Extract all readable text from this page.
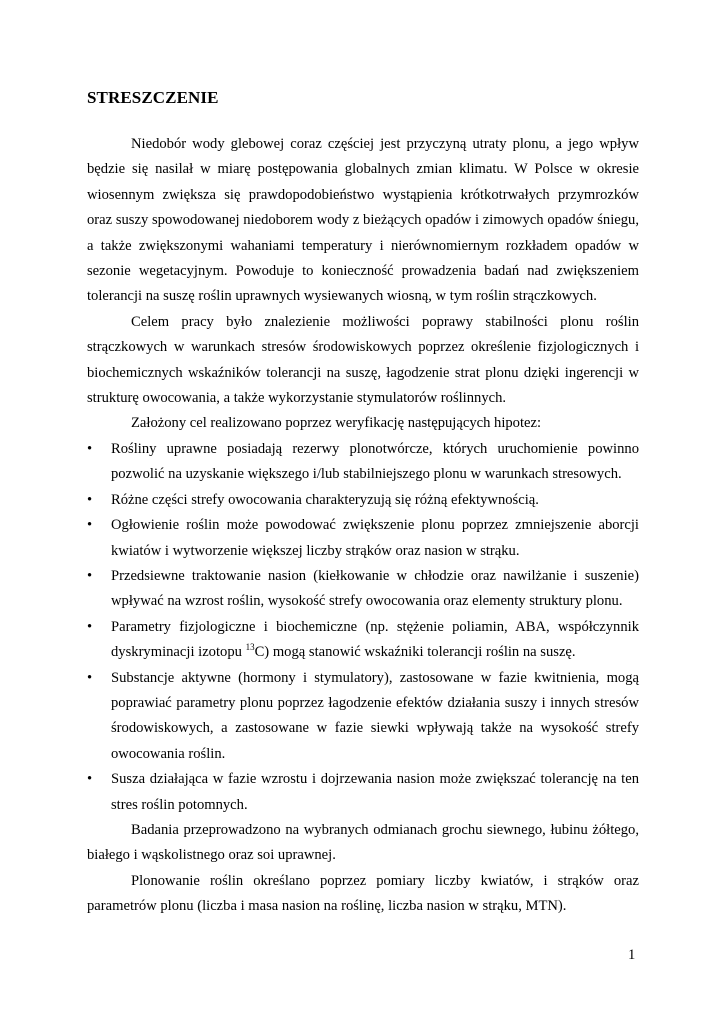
STRESZCZENIE

Niedobór wody glebowej coraz częściej jest przyczyną utraty plonu, a jego wpływ będzie się nasilał w miarę postępowania globalnych zmian klimatu. W Polsce w okresie wiosennym zwiększa się prawdopodobieństwo wystąpienia krótkotrwałych przymrozków oraz suszy spowodowanej niedoborem wody z bieżących opadów i zimowych opadów śniegu, a także zwiększonymi wahaniami temperatury i nierównomiernym rozkładem opadów w sezonie wegetacyjnym. Powoduje to konieczność prowadzenia badań nad zwiększeniem tolerancji na suszę roślin uprawnych wysiewanych wiosną, w tym roślin strączkowych.

Celem pracy było znalezienie możliwości poprawy stabilności plonu roślin strączkowych w warunkach stresów środowiskowych poprzez określenie fizjologicznych i biochemicznych wskaźników tolerancji na suszę, łagodzenie strat plonu dzięki ingerencji w strukturę owocowania, a także wykorzystanie stymulatorów roślinnych.

Założony cel realizowano poprzez weryfikację następujących hipotez:

• Rośliny uprawne posiadają rezerwy plonotwórcze, których uruchomienie powinno pozwolić na uzyskanie większego i/lub stabilniejszego plonu w warunkach stresowych.
• Różne części strefy owocowania charakteryzują się różną efektywnością.
• Ogłowienie roślin może powodować zwiększenie plonu poprzez zmniejszenie aborcji kwiatów i wytworzenie większej liczby strąków oraz nasion w strąku.
• Przedsiewne traktowanie nasion (kiełkowanie w chłodzie oraz nawilżanie i suszenie) wpływać na wzrost roślin, wysokość strefy owocowania oraz elementy struktury plonu.
• Parametry fizjologiczne i biochemiczne (np. stężenie poliamin, ABA, współczynnik dyskryminacji izotopu $^{13}$C) mogą stanowić wskaźniki tolerancji roślin na suszę.
• Substancje aktywne (hormony i stymulatory), zastosowane w fazie kwitnienia, mogą poprawiać parametry plonu poprzez łagodzenie efektów działania suszy i innych stresów środowiskowych, a zastosowane w fazie siewki wpływają także na wysokość strefy owocowania roślin.
• Susza działająca w fazie wzrostu i dojrzewania nasion może zwiększać tolerancję na ten stres roślin potomnych.

Badania przeprowadzono na wybranych odmianach grochu siewnego, łubinu żółtego, białego i wąskolistnego oraz soi uprawnej.

Plonowanie roślin określano poprzez pomiary liczby kwiatów, i strąków oraz parametrów plonu (liczba i masa nasion na roślinę, liczba nasion w strąku, MTN).

1
